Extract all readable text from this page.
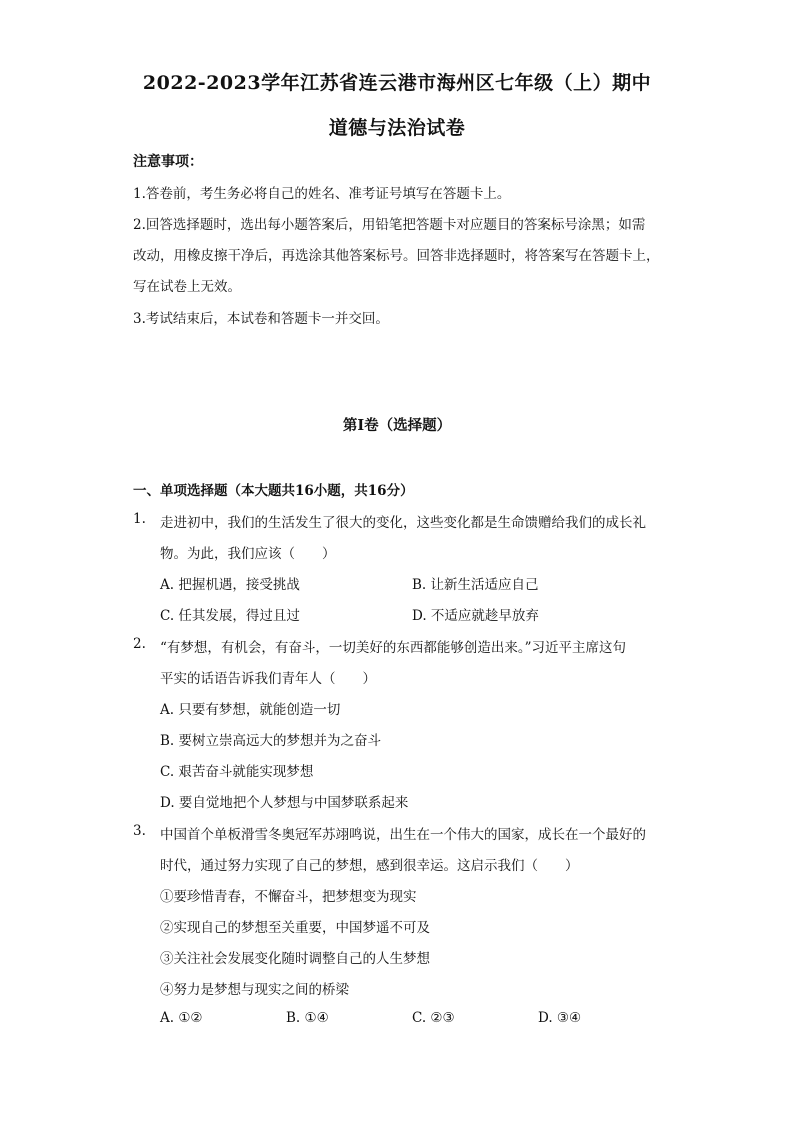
2022-2023学年江苏省连云港市海州区七年级（上）期中
道德与法治试卷
注意事项：
1.答卷前，考生务必将自己的姓名、准考证号填写在答题卡上。
2.回答选择题时，选出每小题答案后，用铅笔把答题卡对应题目的答案标号涂黑；如需
改动，用橡皮擦干净后，再选涂其他答案标号。回答非选择题时，将答案写在答题卡上，
写在试卷上无效。
3.考试结束后，本试卷和答题卡一并交回。
第Ⅰ卷（选择题）
一、单项选择题（本大题共16小题，共16分）
1. 走进初中，我们的生活发生了很大的变化，这些变化都是生命馈赠给我们的成长礼
物。为此，我们应该（　　）
A. 把握机遇，接受挑战	B. 让新生活适应自己
C. 任其发展，得过且过	D. 不适应就趁早放弃
2. “有梦想，有机会，有奋斗，一切美好的东西都能够创造出来。”习近平主席这句
平实的话语告诉我们青年人（　　）
A. 只要有梦想，就能创造一切
B. 要树立崇高远大的梦想并为之奋斗
C. 艰苦奋斗就能实现梦想
D. 要自觉地把个人梦想与中国梦联系起来
3. 中国首个单板滑雪冬奥冠军苏翊鸣说，出生在一个伟大的国家，成长在一个最好的
时代，通过努力实现了自己的梦想，感到很幸运。这启示我们（　　）
①要珍惜青春，不懈奋斗，把梦想变为现实
②实现自己的梦想至关重要，中国梦遥不可及
③关注社会发展变化随时调整自己的人生梦想
④努力是梦想与现实之间的桥梁
A. ①②	B. ①④	C. ②③	D. ③④
